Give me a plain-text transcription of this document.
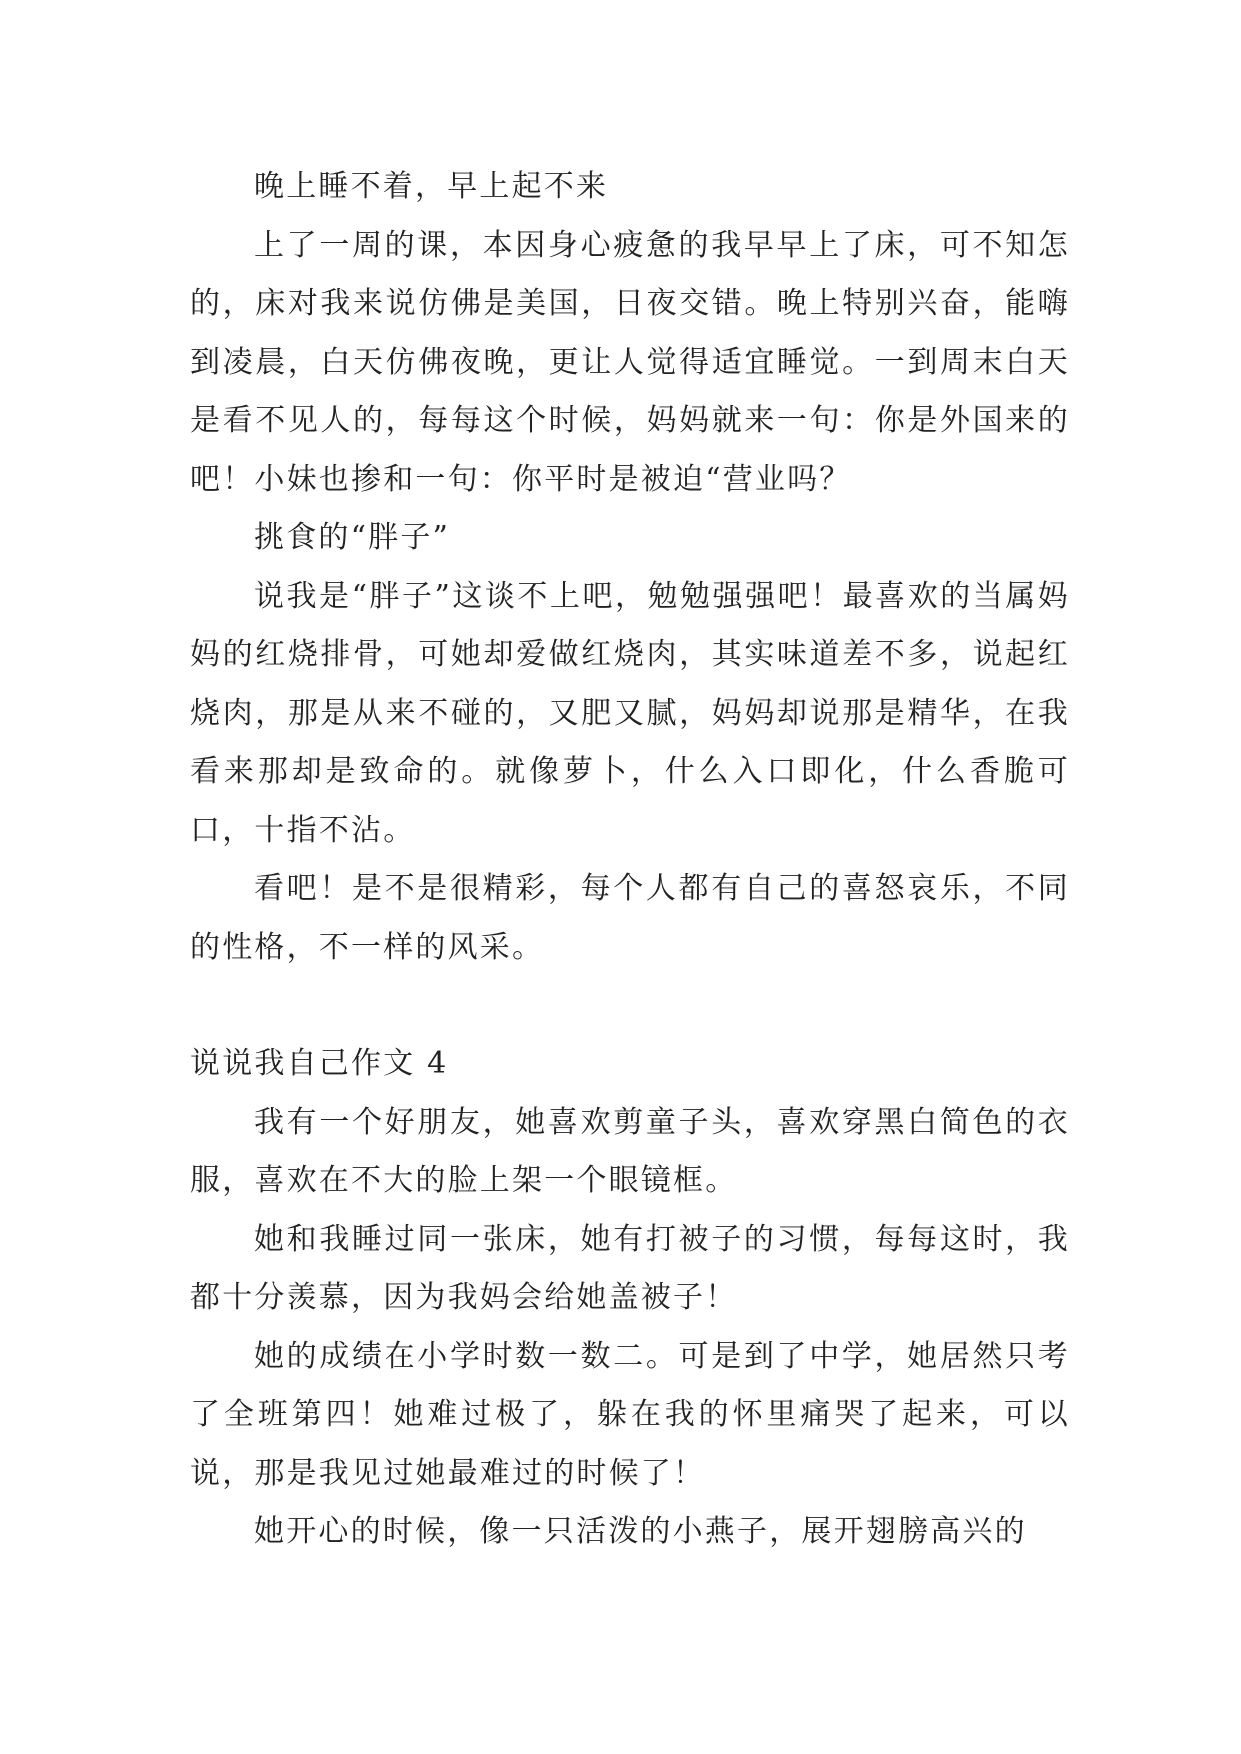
晚上睡不着，早上起不来

上了一周的课，本因身心疲惫的我早早上了床，可不知怎的，床对我来说仿佛是美国，日夜交错。晚上特别兴奋，能嗨到凌晨，白天仿佛夜晚，更让人觉得适宜睡觉。一到周末白天是看不见人的，每每这个时候，妈妈就来一句：你是外国来的吧！小妹也掺和一句：你平时是被迫“营业吗？

挑食的“胖子”

说我是“胖子”这谈不上吧，勉勉强强吧！最喜欢的当属妈妈的红烧排骨，可她却爱做红烧肉，其实味道差不多，说起红烧肉，那是从来不碰的，又肥又腻，妈妈却说那是精华，在我看来那却是致命的。就像萝卜，什么入口即化，什么香脆可口，十指不沾。

看吧！是不是很精彩，每个人都有自己的喜怒哀乐，不同的性格，不一样的风采。

说说我自己作文 4

我有一个好朋友，她喜欢剪童子头，喜欢穿黑白简色的衣服，喜欢在不大的脸上架一个眼镜框。

她和我睡过同一张床，她有打被子的习惯，每每这时，我都十分羡慕，因为我妈会给她盖被子！

她的成绩在小学时数一数二。可是到了中学，她居然只考了全班第四！她难过极了，躲在我的怀里痛哭了起来，可以说，那是我见过她最难过的时候了！

她开心的时候，像一只活泼的小燕子，展开翅膀高兴的
